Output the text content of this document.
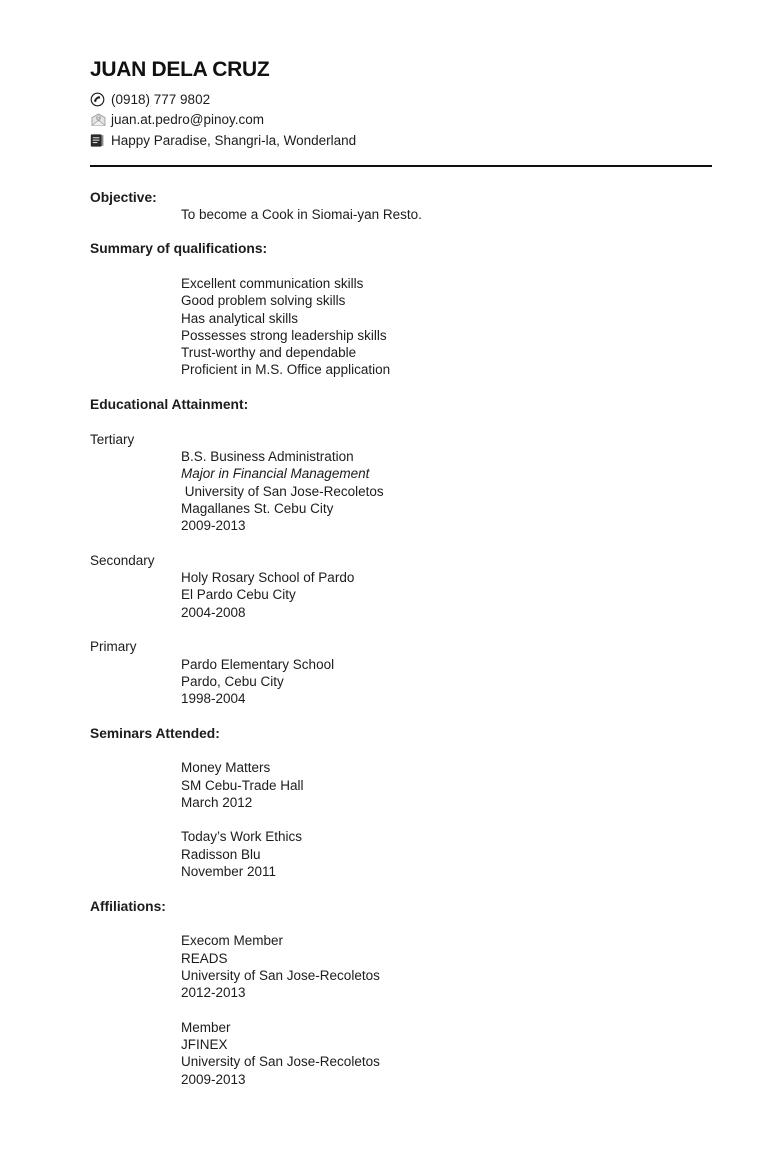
JUAN DELA CRUZ
(0918) 777 9802
@ juan.at.pedro@pinoy.com
Happy Paradise, Shangri-la, Wonderland
Objective:
To become a Cook in Siomai-yan Resto.
Summary of qualifications:
Excellent communication skills
Good problem solving skills
Has analytical skills
Possesses strong leadership skills
Trust-worthy and dependable
Proficient in M.S. Office application
Educational Attainment:
Tertiary
B.S. Business Administration
Major in Financial Management
University of San Jose-Recoletos
Magallanes St. Cebu City
2009-2013
Secondary
Holy Rosary School of Pardo
El Pardo Cebu City
2004-2008
Primary
Pardo Elementary School
Pardo, Cebu City
1998-2004
Seminars Attended:
Money Matters
SM Cebu-Trade Hall
March 2012
Today’s Work Ethics
Radisson Blu
November 2011
Affiliations:
Execom Member
READS
University of San Jose-Recoletos
2012-2013
Member
JFINEX
University of San Jose-Recoletos
2009-2013
